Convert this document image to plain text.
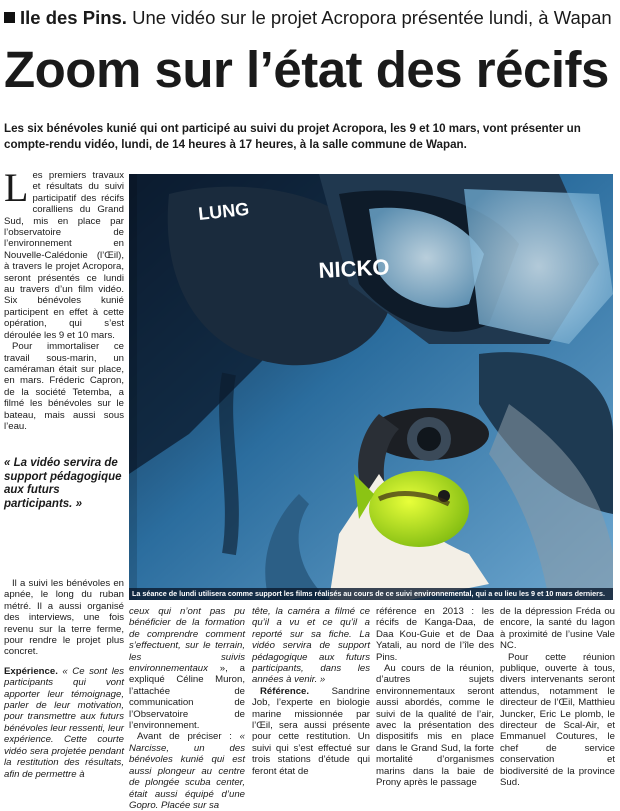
Ile des Pins. Une vidéo sur le projet Acropora présentée lundi, à Wapan
Zoom sur l’état des récifs

Les six bénévoles kunié qui ont participé au suivi du projet Acropora, les 9 et 10 mars, vont présenter un compte-rendu vidéo, lundi, de 14 heures à 17 heures, à la salle commune de Wapan.

Les premiers travaux et résultats du suivi participatif des récifs coralliens du Grand Sud, mis en place par l’observatoire de l’environnement en Nouvelle-Calédonie (l’Œil), à travers le projet Acropora, seront présentés ce lundi au travers d’un film vidéo. Six bénévoles kunié participent en effet à cette opération, qui s’est déroulée les 9 et 10 mars.

Pour immortaliser ce travail sous-marin, un caméraman était sur place, en mars. Fréderic Capron, de la société Tetemba, a filmé les bénévoles sur le bateau, mais aussi sous l’eau.

« La vidéo servira de support pédagogique aux futurs participants. »

Il a suivi les bénévoles en apnée, le long du ruban métré. Il a aussi organisé des interviews, une fois revenu sur la terre ferme, pour rendre le projet plus concret.

Expérience. « Ce sont les participants qui vont apporter leur témoignage, parler de leur motivation, pour transmettre aux futurs bénévoles leur ressenti, leur expérience. Cette courte vidéo sera projetée pendant la restitution des résultats, afin de permettre à

LUNG
NICKO
La séance de lundi utilisera comme support les films réalisés au cours de ce suivi environnemental, qui a eu lieu les 9 et 10 mars derniers.

ceux qui n’ont pas pu bénéficier de la formation de comprendre comment s’effectuent, sur le terrain, les suivis environnementaux », a expliqué Céline Muron, l’attachée de communication de l’Observatoire de l’environnement.

Avant de préciser : « Narcisse, un des bénévoles kunié qui est aussi plongeur au centre de plongée scuba center, était aussi équipé d’une Gopro. Placée sur sa

tête, la caméra a filmé ce qu’il a vu et ce qu’il a reporté sur sa fiche. La vidéo servira de support pédagogique aux futurs participants, dans les années à venir. »

Référence. Sandrine Job, l’experte en biologie marine missionnée par l’Œil, sera aussi présente pour cette restitution. Un suivi qui s’est effectué sur trois stations d’étude qui feront état de

référence en 2013 : les récifs de Kanga-Daa, de Daa Kou-Guie et de Daa Yatali, au nord de l’île des Pins.

Au cours de la réunion, d’autres sujets environnementaux seront aussi abordés, comme le suivi de la qualité de l’air, avec la présentation des dispositifs mis en place dans le Grand Sud, la forte mortalité d’organismes marins dans la baie de Prony après le passage

de la dépression Fréda ou encore, la santé du lagon à proximité de l’usine Vale NC.

Pour cette réunion publique, ouverte à tous, divers intervenants seront attendus, notamment le directeur de l’Œil, Matthieu Juncker, Eric Le plomb, le directeur de Scal-Air, et Emmanuel Coutures, le chef de service conservation et biodiversité de la province Sud.
